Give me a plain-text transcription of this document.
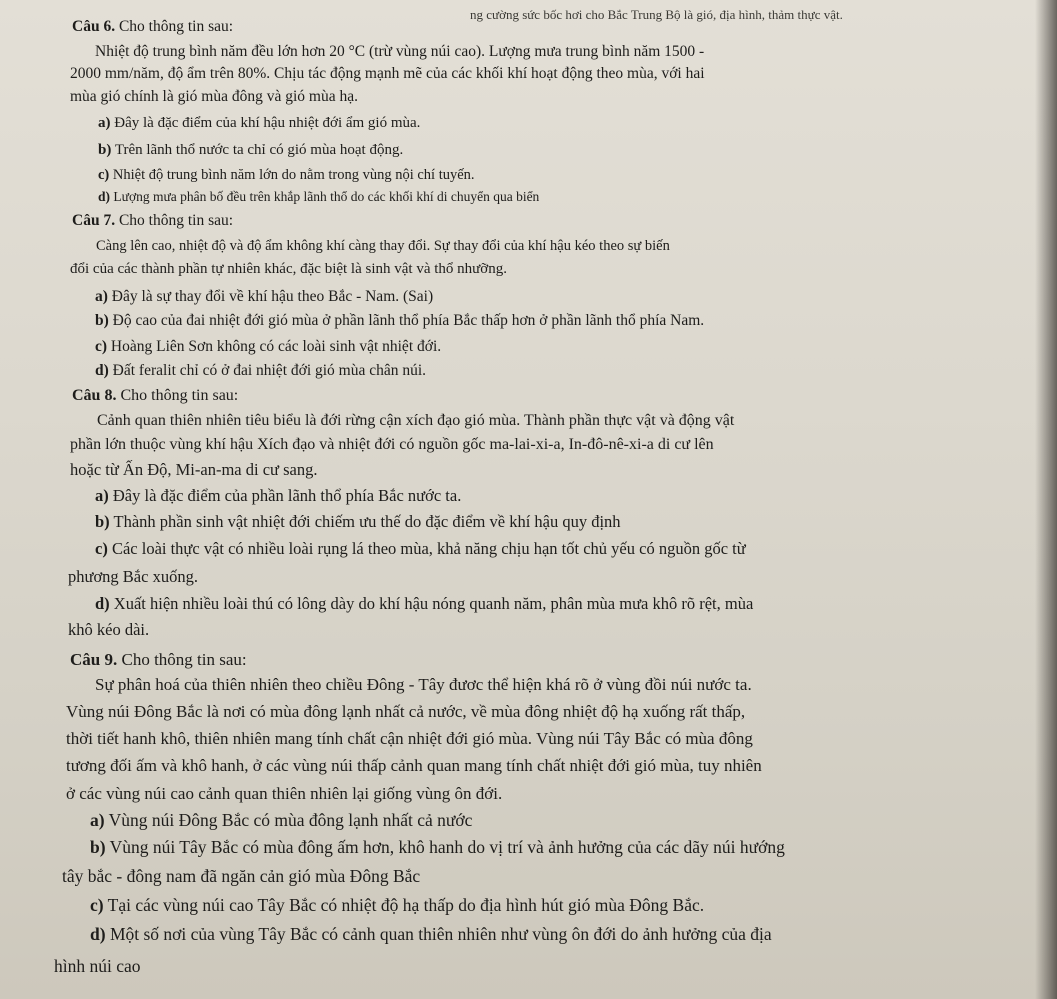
ng cường sức bốc hơi cho Bắc Trung Bộ là gió, địa hình, thảm thực vật.
Câu 6. Cho thông tin sau:
Nhiệt độ trung bình năm đều lớn hơn 20 °C (trừ vùng núi cao). Lượng mưa trung bình năm 1500 -
2000 mm/năm, độ ẩm trên 80%. Chịu tác động mạnh mẽ của các khối khí hoạt động theo mùa, với hai
mùa gió chính là gió mùa đông và gió mùa hạ.
a) Đây là đặc điểm của khí hậu nhiệt đới ẩm gió mùa.
b) Trên lãnh thổ nước ta chỉ có gió mùa hoạt động.
c) Nhiệt độ trung bình năm lớn do nằm trong vùng nội chí tuyến.
d) Lượng mưa phân bố đều trên khắp lãnh thổ do các khối khí di chuyển qua biển
Câu 7. Cho thông tin sau:
Càng lên cao, nhiệt độ và độ ẩm không khí càng thay đổi. Sự thay đổi của khí hậu kéo theo sự biến
đổi của các thành phần tự nhiên khác, đặc biệt là sinh vật và thổ nhưỡng.
a) Đây là sự thay đổi về khí hậu theo Bắc - Nam. (Sai)
b) Độ cao của đai nhiệt đới gió mùa ở phần lãnh thổ phía Bắc thấp hơn ở phần lãnh thổ phía Nam.
c) Hoàng Liên Sơn không có các loài sinh vật nhiệt đới.
d) Đất feralit chỉ có ở đai nhiệt đới gió mùa chân núi.
Câu 8. Cho thông tin sau:
Cảnh quan thiên nhiên tiêu biểu là đới rừng cận xích đạo gió mùa. Thành phần thực vật và động vật
phần lớn thuộc vùng khí hậu Xích đạo và nhiệt đới có nguồn gốc ma-lai-xi-a, In-đô-nê-xi-a di cư lên
hoặc từ Ấn Độ, Mi-an-ma di cư sang.
a) Đây là đặc điểm của phần lãnh thổ phía Bắc nước ta.
b) Thành phần sinh vật nhiệt đới chiếm ưu thế do đặc điểm về khí hậu quy định
c) Các loài thực vật có nhiều loài rụng lá theo mùa, khả năng chịu hạn tốt chủ yếu có nguồn gốc từ
phương Bắc xuống.
d) Xuất hiện nhiều loài thú có lông dày do khí hậu nóng quanh năm, phân mùa mưa khô rõ rệt, mùa
khô kéo dài.
Câu 9. Cho thông tin sau:
Sự phân hoá của thiên nhiên theo chiều Đông - Tây đươc thể hiện khá rõ ở vùng đồi núi nước ta.
Vùng núi Đông Bắc là nơi có mùa đông lạnh nhất cả nước, về mùa đông nhiệt độ hạ xuống rất thấp,
thời tiết hanh khô, thiên nhiên mang tính chất cận nhiệt đới gió mùa. Vùng núi Tây Bắc có mùa đông
tương đối ấm và khô hanh, ở các vùng núi thấp cảnh quan mang tính chất nhiệt đới gió mùa, tuy nhiên
ở các vùng núi cao cảnh quan thiên nhiên lại giống vùng ôn đới.
a) Vùng núi Đông Bắc có mùa đông lạnh nhất cả nước
b) Vùng núi Tây Bắc có mùa đông ấm hơn, khô hanh do vị trí và ảnh hưởng của các dãy núi hướng
tây bắc - đông nam đã ngăn cản gió mùa Đông Bắc
c) Tại các vùng núi cao Tây Bắc có nhiệt độ hạ thấp do địa hình hút gió mùa Đông Bắc.
d) Một số nơi của vùng Tây Bắc có cảnh quan thiên nhiên như vùng ôn đới do ảnh hưởng của địa
hình núi cao
